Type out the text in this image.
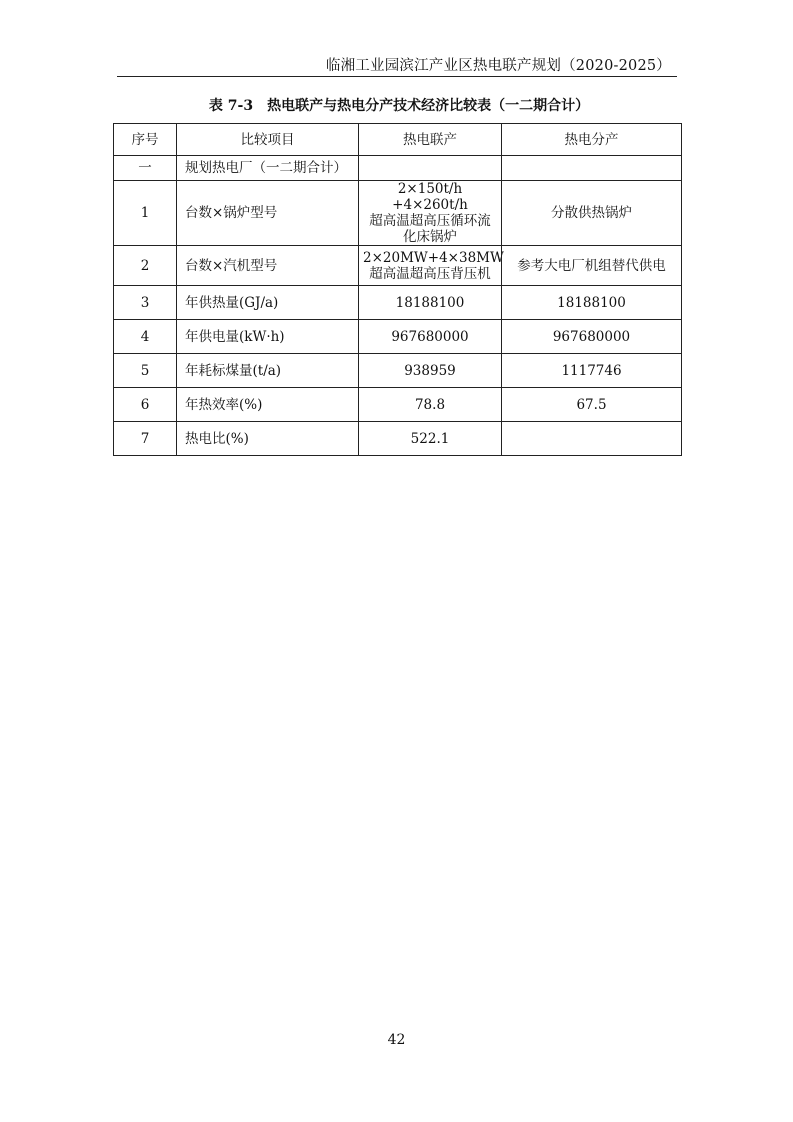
临湘工业园滨江产业区热电联产规划（2020-2025）
表 7-3　热电联产与热电分产技术经济比较表（一二期合计）
序号	比较项目	热电联产	热电分产
一	规划热电厂（一二期合计）		
1	台数×锅炉型号	2×150t/h +4×260t/h
超高温超高压循环流
化床锅炉	分散供热锅炉
2	台数×汽机型号	2×20MW+4×38MW
超高温超高压背压机	参考大电厂机组替代供电
3	年供热量(GJ/a)	18188100	18188100
4	年供电量(kW·h)	967680000	967680000
5	年耗标煤量(t/a)	938959	1117746
6	年热效率(%)	78.8	67.5
7	热电比(%)	522.1	
42
